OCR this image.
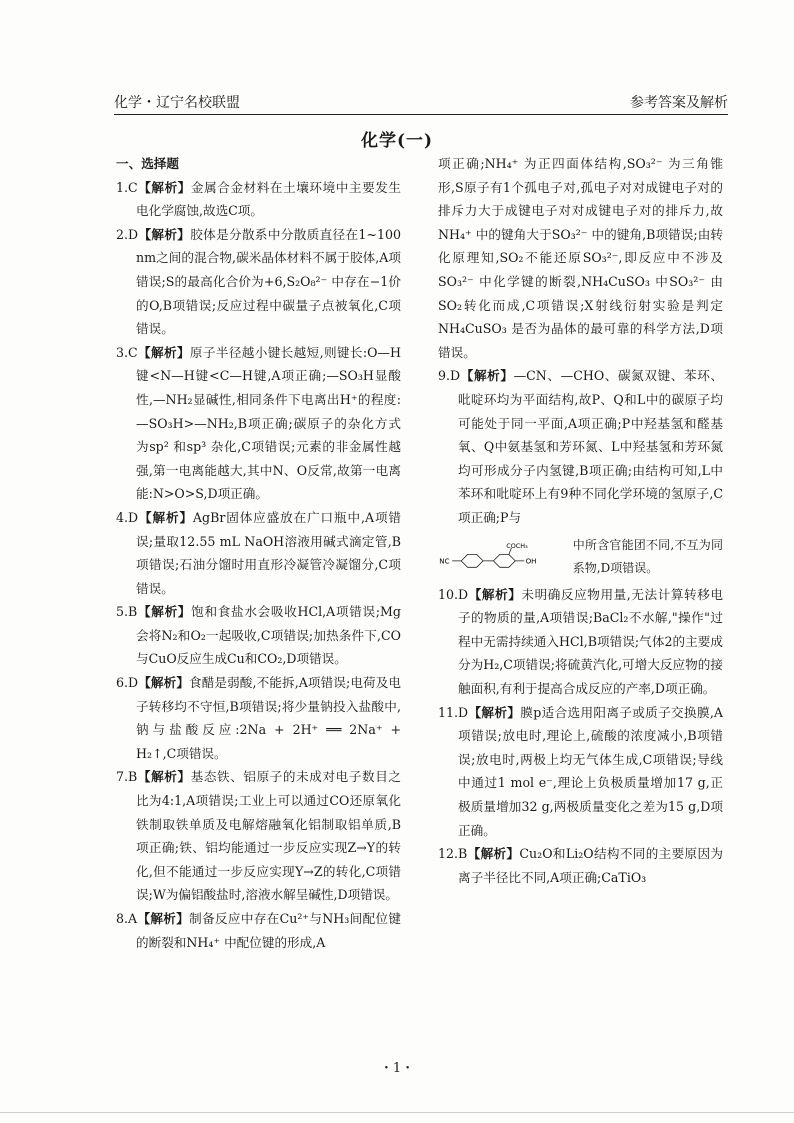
化学・辽宁名校联盟	参考答案及解析
化学(一)
一、选择题

1.C【解析】金属合金材料在土壤环境中主要发生电化学腐蚀,故选C项。

2.D【解析】胶体是分散系中分散质直径在1~100 nm之间的混合物,碳米晶体材料不属于胶体,A项错误;S的最高化合价为+6,S₂O₈²⁻ 中存在−1价的O,B项错误;反应过程中碳量子点被氧化,C项错误。

3.C【解析】原子半径越小键长越短,则键长:O—H键<N—H键<C—H键,A项正确;—SO₃H显酸性,—NH₂显碱性,相同条件下电离出H⁺的程度:—SO₃H>—NH₂,B项正确;碳原子的杂化方式为sp² 和sp³ 杂化,C项错误;元素的非金属性越强,第一电离能越大,其中N、O反常,故第一电离能:N>O>S,D项正确。

4.D【解析】AgBr固体应盛放在广口瓶中,A项错误;量取12.55 mL NaOH溶液用碱式滴定管,B项错误;石油分馏时用直形冷凝管冷凝馏分,C项错误。

5.B【解析】饱和食盐水会吸收HCl,A项错误;Mg会将N₂和O₂一起吸收,C项错误;加热条件下,CO与CuO反应生成Cu和CO₂,D项错误。

6.D【解析】食醋是弱酸,不能拆,A项错误;电荷及电子转移均不守恒,B项错误;将少量钠投入盐酸中,钠与盐酸反应:2Na + 2H⁺ ══ 2Na⁺ + H₂↑,C项错误。

7.B【解析】基态铁、铝原子的未成对电子数目之比为4:1,A项错误;工业上可以通过CO还原氧化铁制取铁单质及电解熔融氧化铝制取铝单质,B项正确;铁、铝均能通过一步反应实现Z→Y的转化,但不能通过一步反应实现Y→Z的转化,C项错误;W为偏铝酸盐时,溶液水解呈碱性,D项错误。

8.A【解析】制备反应中存在Cu²⁺与NH₃间配位键的断裂和NH₄⁺ 中配位键的形成,A

项正确;NH₄⁺ 为正四面体结构,SO₃²⁻ 为三角锥形,S原子有1个孤电子对,孤电子对对成键电子对的排斥力大于成键电子对对成键电子对的排斥力,故NH₄⁺ 中的键角大于SO₃²⁻ 中的键角,B项错误;由转化原理知,SO₂不能还原SO₃²⁻,即反应中不涉及SO₃²⁻ 中化学键的断裂,NH₄CuSO₃ 中SO₃²⁻ 由SO₂转化而成,C项错误;X射线衍射实验是判定NH₄CuSO₃ 是否为晶体的最可靠的科学方法,D项错误。

9.D【解析】—CN、—CHO、碳氮双键、苯环、吡啶环均为平面结构,故P、Q和L中的碳原子均可能处于同一平面,A项正确;P中羟基氢和醛基氧、Q中氨基氢和芳环氮、L中羟基氢和芳环氮均可形成分子内氢键,B项正确;由结构可知,L中苯环和吡啶环上有9种不同化学环境的氢原子,C项正确;P与

NC
COCH₃
OH
中所含官能团不同,不互为同系物,D项错误。

10.D【解析】未明确反应物用量,无法计算转移电子的物质的量,A项错误;BaCl₂不水解,"操作"过程中无需持续通入HCl,B项错误;气体2的主要成分为H₂,C项错误;将硫黄汽化,可增大反应物的接触面积,有利于提高合成反应的产率,D项正确。

11.D【解析】膜p适合选用阳离子或质子交换膜,A项错误;放电时,理论上,硫酸的浓度减小,B项错误;放电时,两极上均无气体生成,C项错误;导线中通过1 mol e⁻,理论上负极质量增加17 g,正极质量增加32 g,两极质量变化之差为15 g,D项正确。

12.B【解析】Cu₂O和Li₂O结构不同的主要原因为离子半径比不同,A项正确;CaTiO₃

・1・
